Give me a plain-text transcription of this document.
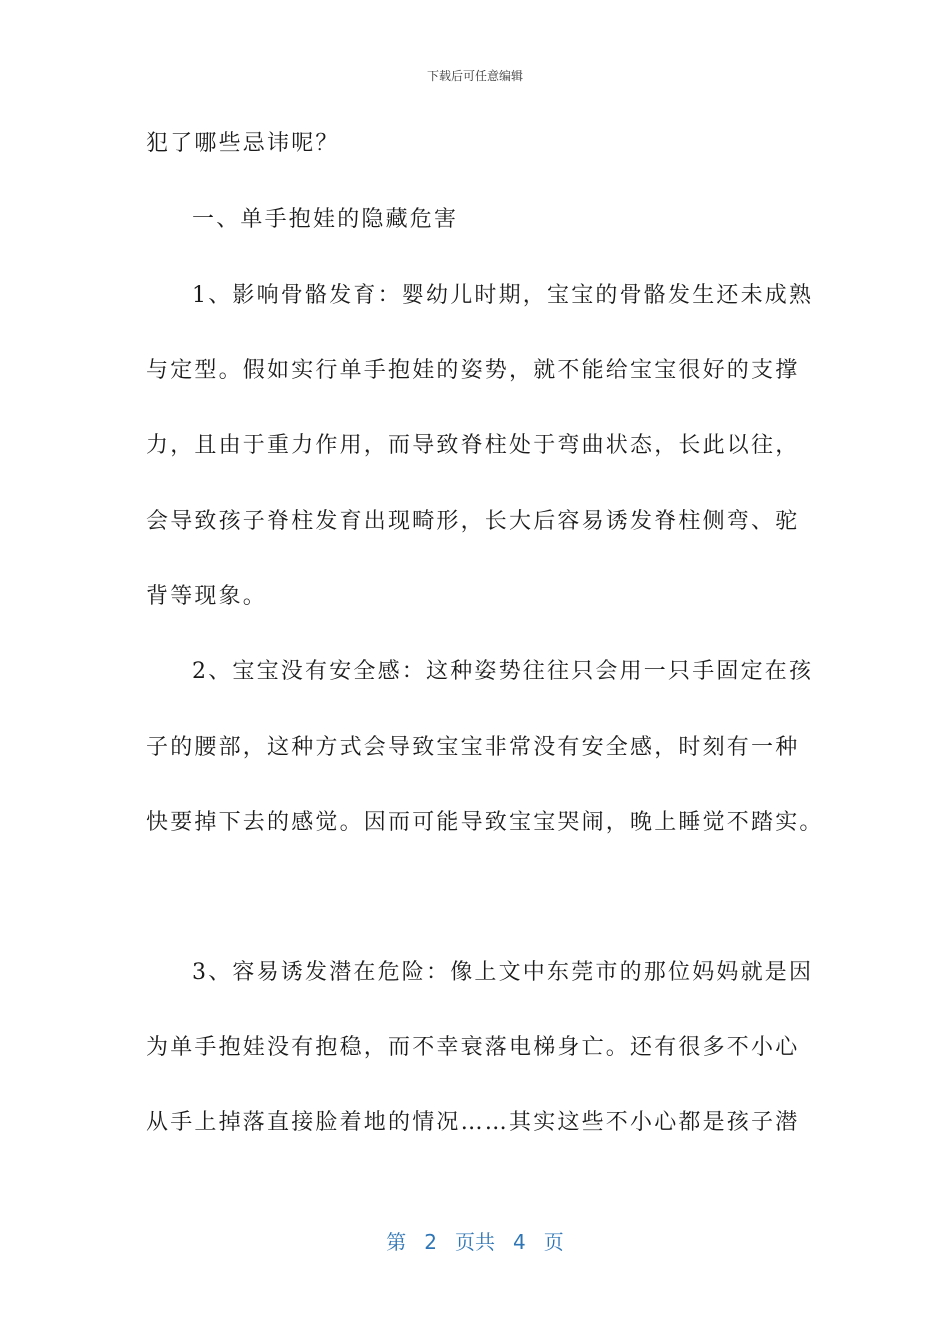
下载后可任意编辑
犯了哪些忌讳呢？
一、单手抱娃的隐藏危害
1、影响骨骼发育：婴幼儿时期，宝宝的骨骼发生还未成熟
与定型。假如实行单手抱娃的姿势，就不能给宝宝很好的支撑
力，且由于重力作用，而导致脊柱处于弯曲状态，长此以往，
会导致孩子脊柱发育出现畸形，长大后容易诱发脊柱侧弯、驼
背等现象。
2、宝宝没有安全感：这种姿势往往只会用一只手固定在孩
子的腰部，这种方式会导致宝宝非常没有安全感，时刻有一种
快要掉下去的感觉。因而可能导致宝宝哭闹，晚上睡觉不踏实。
3、容易诱发潜在危险：像上文中东莞市的那位妈妈就是因
为单手抱娃没有抱稳，而不幸衰落电梯身亡。还有很多不小心
从手上掉落直接脸着地的情况……其实这些不小心都是孩子潜
第 2 页共 4 页
